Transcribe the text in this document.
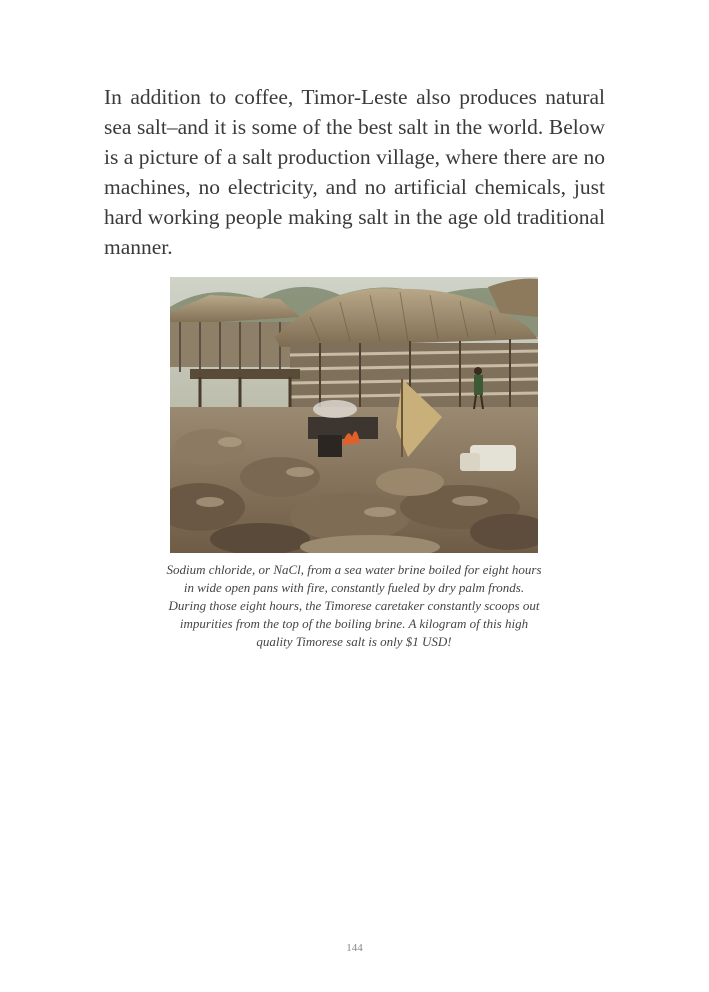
In addition to coffee, Timor-Leste also produces natural sea salt–and it is some of the best salt in the world. Below is a picture of a salt production village, where there are no machines, no electricity, and no artificial chemicals, just hard working people making salt in the age old traditional manner.

Sodium chloride, or NaCl, from a sea water brine boiled for eight hours in wide open pans with fire, constantly fueled by dry palm fronds. During those eight hours, the Timorese caretaker constantly scoops out impurities from the top of the boiling brine. A kilogram of this high quality Timorese salt is only $1 USD!

144
